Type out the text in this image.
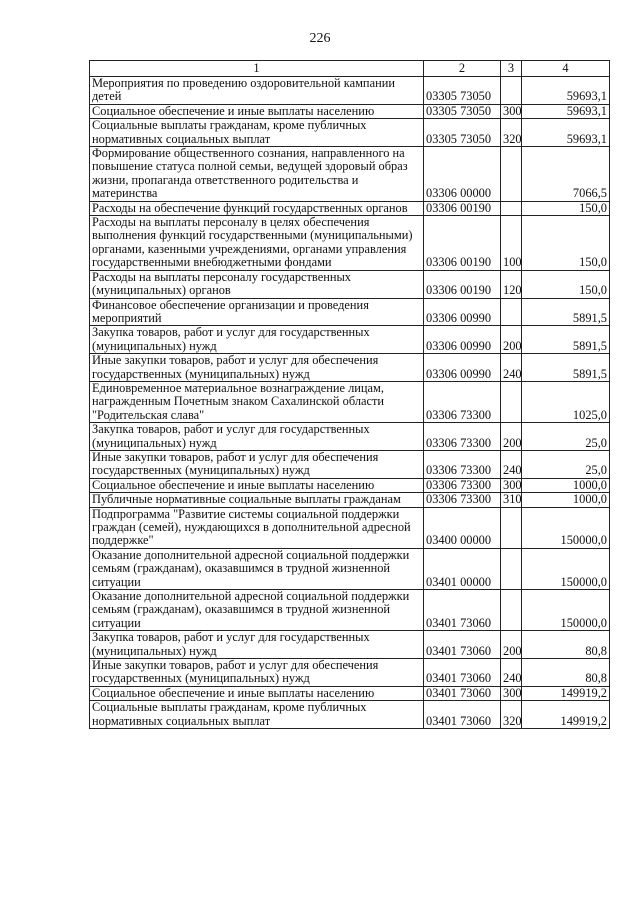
226
1	2	3	4
Мероприятия по проведению оздоровительной кампании детей	03305 73050		59693,1
Социальное обеспечение и иные выплаты населению	03305 73050	300	59693,1
Социальные выплаты гражданам, кроме публичных нормативных социальных выплат	03305 73050	320	59693,1
Формирование общественного сознания, направленного на повышение статуса полной семьи, ведущей здоровый образ жизни, пропаганда ответственного родительства и материнства	03306 00000		7066,5
Расходы на обеспечение функций государственных органов	03306 00190		150,0
Расходы на выплаты персоналу в целях обеспечения выполнения функций государственными (муниципальными) органами, казенными учреждениями, органами управления государственными внебюджетными фондами	03306 00190	100	150,0
Расходы на выплаты персоналу государственных (муниципальных) органов	03306 00190	120	150,0
Финансовое обеспечение организации и проведения мероприятий	03306 00990		5891,5
Закупка товаров, работ и услуг для государственных (муниципальных) нужд	03306 00990	200	5891,5
Иные закупки товаров, работ и услуг для обеспечения государственных (муниципальных) нужд	03306 00990	240	5891,5
Единовременное материальное вознаграждение лицам, награжденным Почетным знаком Сахалинской области "Родительская слава"	03306 73300		1025,0
Закупка товаров, работ и услуг для государственных (муниципальных) нужд	03306 73300	200	25,0
Иные закупки товаров, работ и услуг для обеспечения государственных (муниципальных) нужд	03306 73300	240	25,0
Социальное обеспечение и иные выплаты населению	03306 73300	300	1000,0
Публичные нормативные социальные выплаты гражданам	03306 73300	310	1000,0
Подпрограмма "Развитие системы социальной поддержки граждан (семей), нуждающихся в дополнительной адресной поддержке"	03400 00000		150000,0
Оказание дополнительной адресной социальной поддержки семьям (гражданам), оказавшимся в трудной жизненной ситуации	03401 00000		150000,0
Оказание дополнительной адресной социальной поддержки семьям (гражданам), оказавшимся в трудной жизненной ситуации	03401 73060		150000,0
Закупка товаров, работ и услуг для государственных (муниципальных) нужд	03401 73060	200	80,8
Иные закупки товаров, работ и услуг для обеспечения государственных (муниципальных) нужд	03401 73060	240	80,8
Социальное обеспечение и иные выплаты населению	03401 73060	300	149919,2
Социальные выплаты гражданам, кроме публичных нормативных социальных выплат	03401 73060	320	149919,2
